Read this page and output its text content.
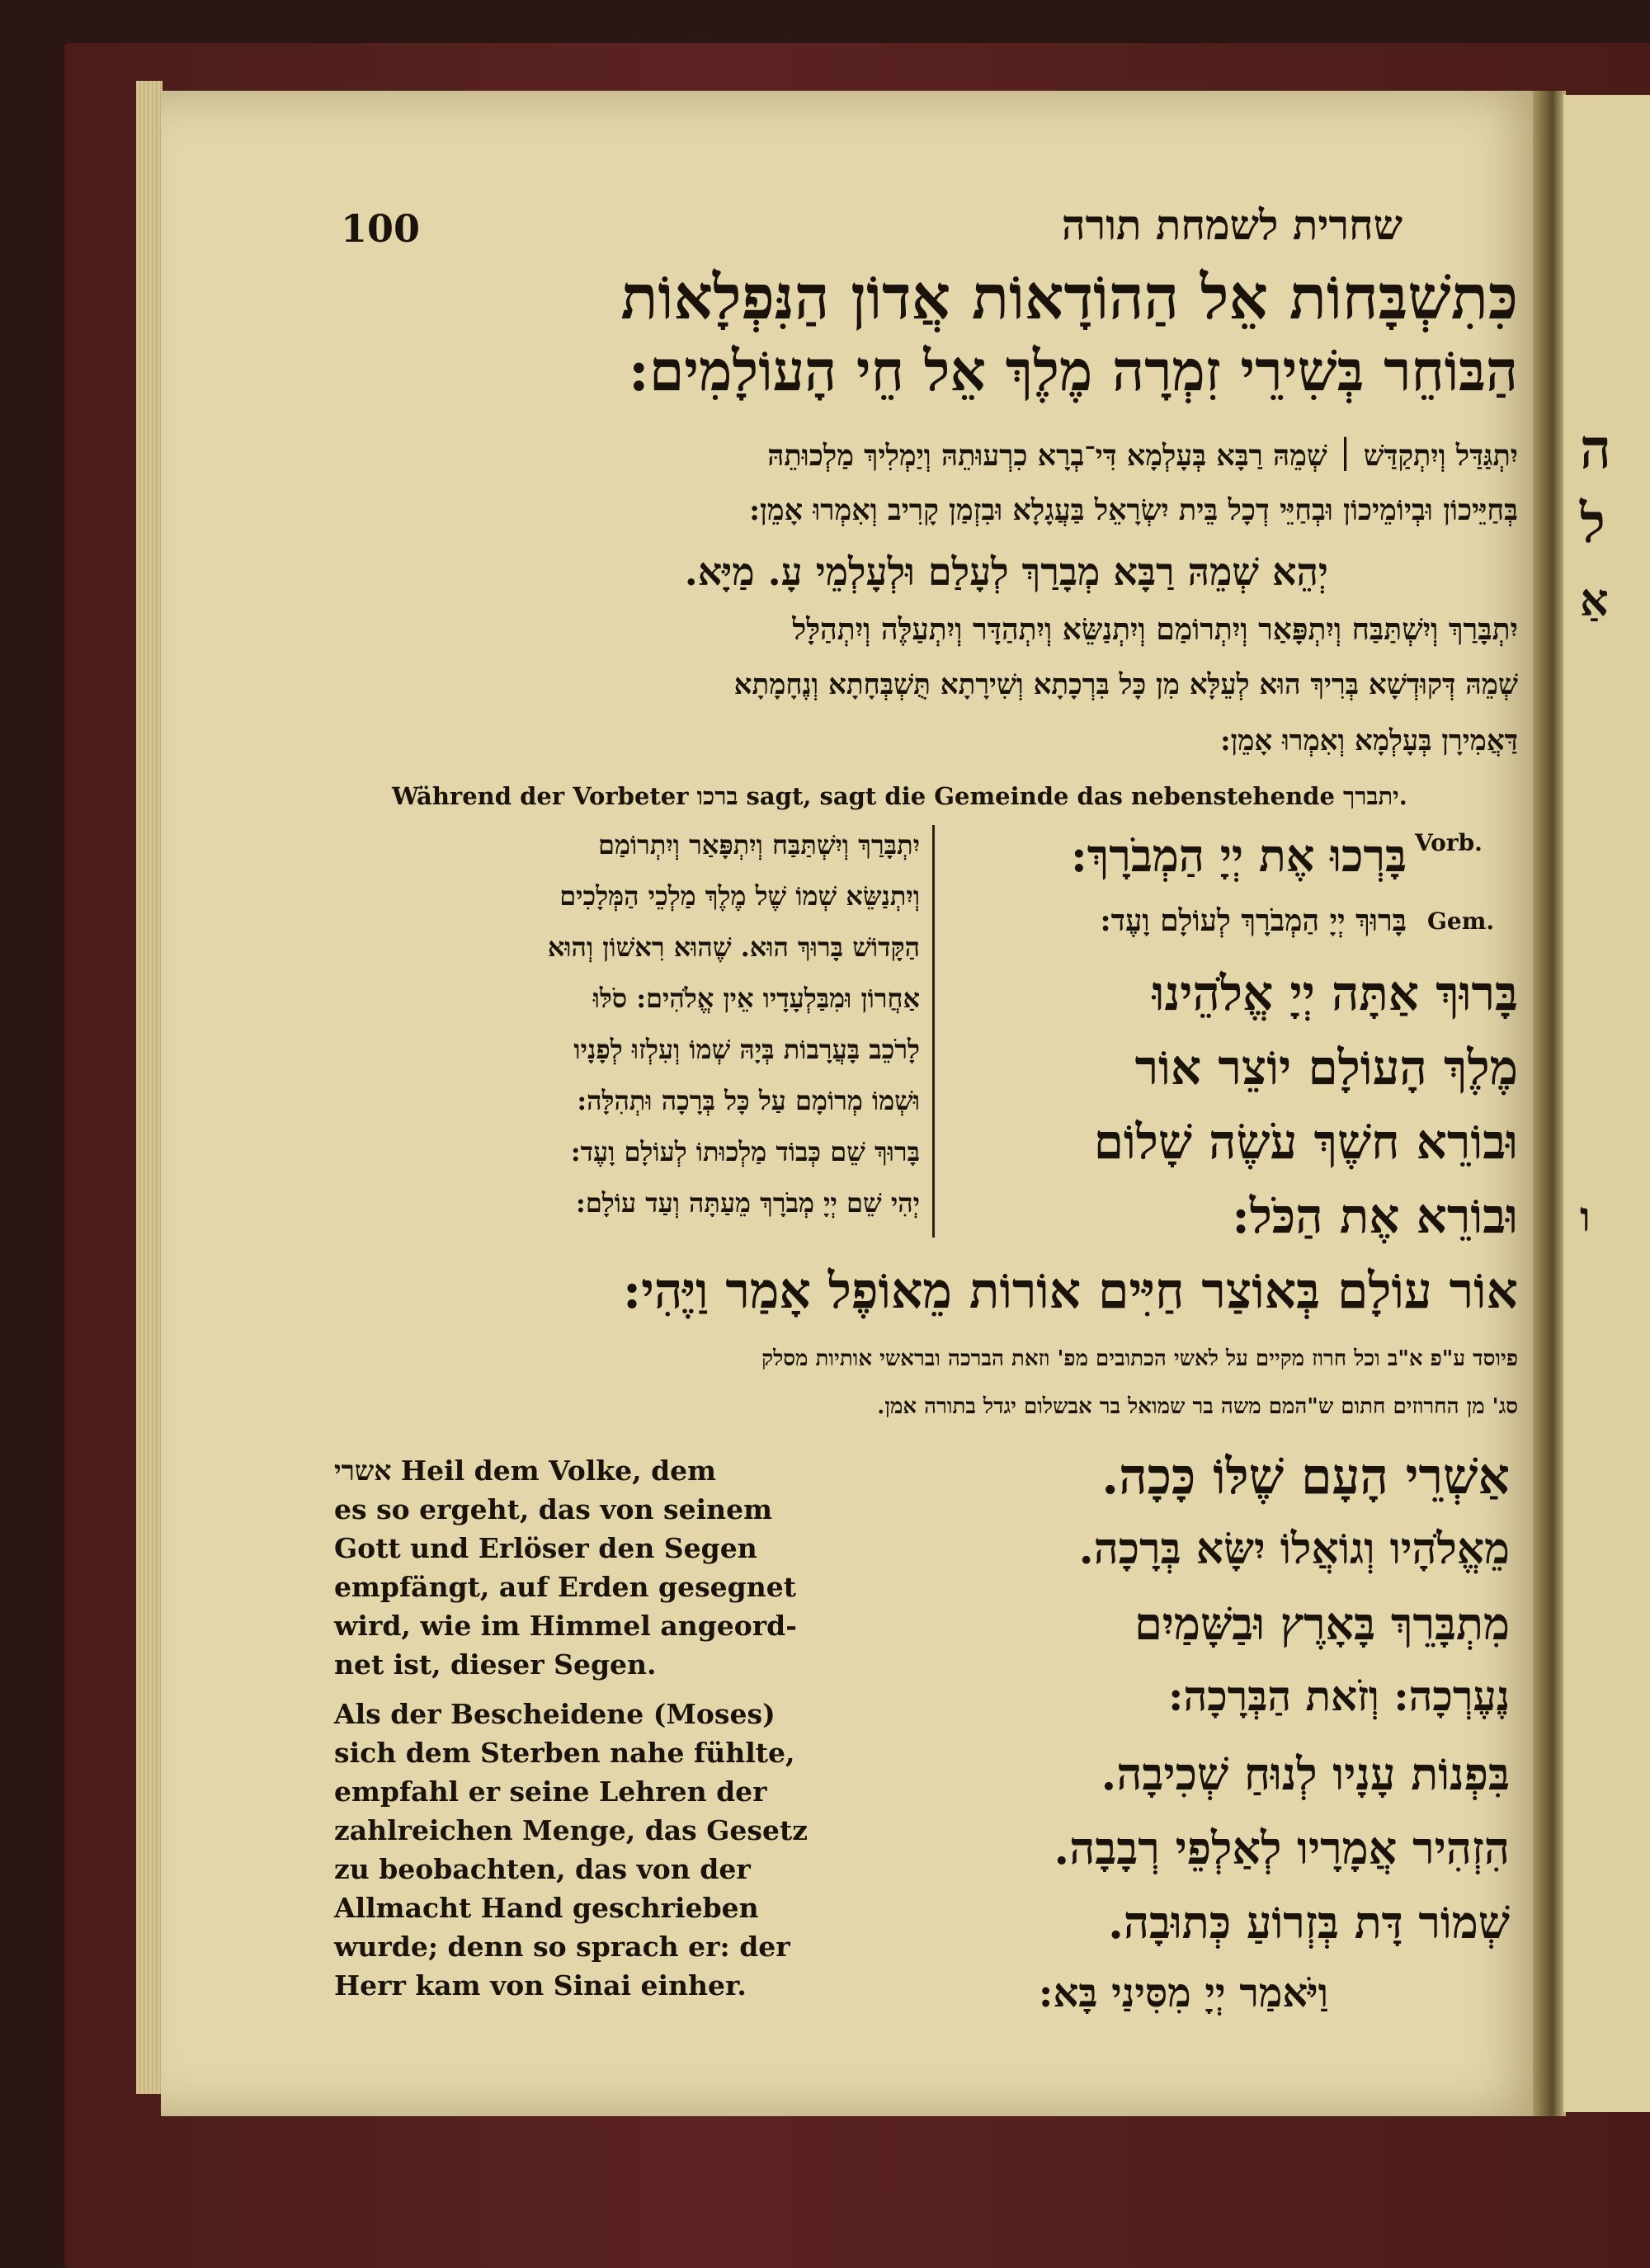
100	שחרית לשמחת תורה
כִּתִשְׁבָּחוֹת אֵל הַהוֹדָאוֹת אֲדוֹן הַנִּפְלָאוֹת
הַבּוֹחֵר בְּשִׁירֵי זִמְרָה מֶלֶךְ אֵל חֵי הָעוֹלָמִים:
יִתְגַּדַּל וְיִתְקַדַּשׁ ׀ שְׁמֵהּ רַבָּא בְּעָלְמָא דִּי־בְרָא כִרְעוּתֵהּ וְיַמְלִיךְ מַלְכוּתֵהּ
בְּחַיֵּיכוֹן וּבְיוֹמֵיכוֹן וּבְחַיֵּי דְכָל בֵּית יִשְׂרָאֵל בַּעֲגָלָא וּבִזְמַן קָרִיב וְאִמְרוּ אָמֵן:
יְהֵא שְׁמֵהּ רַבָּא מְבָרַךְ לְעָלַם וּלְעָלְמֵי עָ. מַיָּא.
יִתְבָּרַךְ וְיִשְׁתַּבַּח וְיִתְפָּאַר וְיִתְרוֹמַם וְיִתְנַשֵּׂא וְיִתְהַדָּר וְיִתְעַלֶּה וְיִתְהַלָּל
שְׁמֵהּ דְּקוּדְשָׁא בְּרִיךְ הוּא לְעֵלָּא מִן כָּל בִּרְכָתָא וְשִׁירָתָא תֻּשְׁבְּחָתָא וְנֶחָמָתָא
דַּאֲמִירָן בְּעָלְמָא וְאִמְרוּ אָמֵן:
Während der Vorbeter ברכו sagt, sagt die Gemeinde das nebenstehende יתברך.
יִתְבָּרַךְ וְיִשְׁתַּבַּח וְיִתְפָּאַר וְיִתְרוֹמַם
וְיִתְנַשֵּׂא שְׁמוֹ שֶׁל מֶלֶךְ מַלְכֵי הַמְּלָכִים
הַקָּדוֹשׁ בָּרוּךְ הוּא. שֶׁהוּא רִאשׁוֹן וְהוּא
אַחֲרוֹן וּמִבַּלְעָדָיו אֵין אֱלֹהִים: סֹלּוּ
לָרֹכֵב בָּעֲרָבוֹת בְּיָהּ שְׁמוֹ וְעִלְזוּ לְפָנָיו
וּשְׁמוֹ מְרוֹמָם עַל כָּל בְּרָכָה וּתְהִלָּה:
בָּרוּךְ שֵׁם כְּבוֹד מַלְכוּתוֹ לְעוֹלָם וָעֶד:
יְהִי שֵׁם יְיָ מְבֹרָךְ מֵעַתָּה וְעַד עוֹלָם:
Vorb.
בָּרְכוּ אֶת יְיָ הַמְבֹרָךְ:
Gem.
בָּרוּךְ יְיָ הַמְבֹרָךְ לְעוֹלָם וָעֶד:
בָּרוּךְ אַתָּה יְיָ אֱלֹהֵינוּ
מֶלֶךְ הָעוֹלָם יוֹצֵר אוֹר
וּבוֹרֵא חשֶׁךְ עֹשֶׂה שָׁלוֹם
וּבוֹרֵא אֶת הַכֹּל:
אוֹר עוֹלָם בְּאוֹצַר חַיִּים אוֹרוֹת מֵאוֹפֶל אָמַר וַיֶּהִי:
פיוסד ע"פ א"ב וכל חרוז מקיים על לאשי הכתובים מפ' וזאת הברכה ובראשי אותיות מסלק
סג' מן החרוזים חתום ש"המם משה בר שמואל בר אבשלום יגדל בתורה אמן.
אשרי Heil dem Volke, dem
es so ergeht, das von seinem
Gott und Erlöser den Segen
empfängt, auf Erden gesegnet
wird, wie im Himmel angeord-
net ist, dieser Segen.
Als der Bescheidene (Moses)
sich dem Sterben nahe fühlte,
empfahl er seine Lehren der
zahlreichen Menge, das Gesetz
zu beobachten, das von der
Allmacht Hand geschrieben
wurde; denn so sprach er: der
Herr kam von Sinai einher.
אַשְׁרֵי הָעָם שֶׁלּוֹ כָּכָה.
מֵאֱלֹהָיו וְגוֹאֲלוֹ יִשָּׂא בְּרָכָה.
מִתְבָּרֵךְ בָּאָרֶץ וּבַשָּׁמַיִם
נֶעֶרְכָה: וְזֹאת הַבְּרָכָה:
בִּפְנוֹת עָנָיו לְנוּחַ שְׁכִיבָה.
הִזְהִיר אֲמָרָיו לְאַלְפֵי רְבָבָה.
שְׁמוֹר דָּת בְּזְרוֹעַ כְּתוּבָה.
וַיֹּאמַר יְיָ מִסִּינַי בָּא:
ה
ל
אַ
ו
